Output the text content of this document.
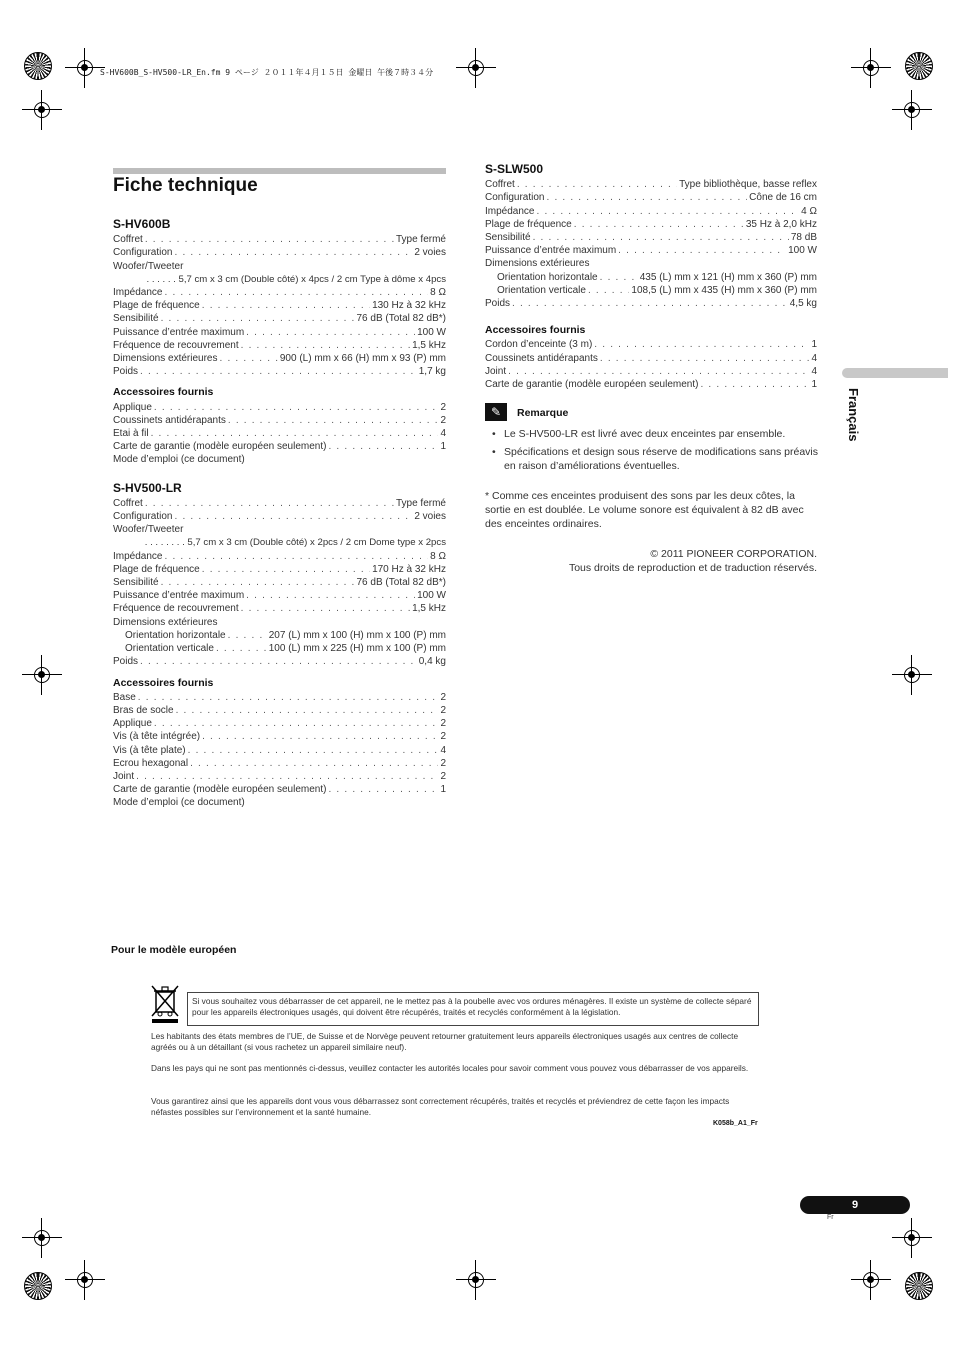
S-HV600B_S-HV500-LR_En.fm 9 ページ ２０１１年４月１５日 金曜日 午後７時３４分
Fiche technique
S-HV600B
Coffret . . .	Type fermé
Configuration . . .	2 voies
Woofer/Tweeter
. . . . . . 5,7 cm x 3 cm (Double côté) x 4pcs / 2 cm Type à dôme x 4pcs
Impédance . . .	8 Ω
Plage de fréquence . . .	130 Hz à 32 kHz
Sensibilité . . .	76 dB (Total 82 dB*)
Puissance d’entrée maximum . . .	100 W
Fréquence de recouvrement . . .	1,5 kHz
Dimensions extérieures . . .	900 (L) mm x 66 (H) mm x 93 (P) mm
Poids . . .	1,7 kg
Accessoires fournis
Applique . . .	2
Coussinets antidérapants . . .	2
Etai à fil . . .	4
Carte de garantie (modèle européen seulement) . . .	1
Mode d’emploi (ce document)
S-HV500-LR
Coffret . . .	Type fermé
Configuration . . .	2 voies
Woofer/Tweeter
. . . . . . . . 5,7 cm x 3 cm (Double côté) x 2pcs / 2 cm Dome type x 2pcs
Impédance . . .	8 Ω
Plage de fréquence . . .	170 Hz à 32 kHz
Sensibilité . . .	76 dB (Total 82 dB*)
Puissance d’entrée maximum . . .	100 W
Fréquence de recouvrement . . .	1,5 kHz
Dimensions extérieures
Orientation horizontale . . .	207 (L) mm x 100 (H) mm x 100 (P) mm
Orientation verticale . . .	100 (L) mm x 225 (H) mm x 100 (P) mm
Poids . . .	0,4 kg
Accessoires fournis
Base . . .	2
Bras de socle . . .	2
Applique . . .	2
Vis (à tête intégrée) . . .	2
Vis (à tête plate) . . .	4
Ecrou hexagonal . . .	2
Joint . . .	2
Carte de garantie (modèle européen seulement) . . .	1
Mode d’emploi (ce document)
S-SLW500
Coffret . . .	Type bibliothèque, basse reflex
Configuration . . .	Cône de 16 cm
Impédance . . .	4 Ω
Plage de fréquence . . .	35 Hz à 2,0 kHz
Sensibilité . . .	78 dB
Puissance d’entrée maximum . . .	100 W
Dimensions extérieures
Orientation horizontale . . .	435 (L) mm x 121 (H) mm x 360 (P) mm
Orientation verticale . . .	108,5 (L) mm x 435 (H) mm x 360 (P) mm
Poids . . .	4,5 kg
Accessoires fournis
Cordon d’enceinte (3 m) . . .	1
Coussinets antidérapants . . .	4
Joint . . .	4
Carte de garantie (modèle européen seulement) . . .	1
Français
✎	Remarque
• Le S-HV500-LR est livré avec deux enceintes par ensemble.
• Spécifications et design sous réserve de modifications sans préavis en raison d’améliorations éventuelles.
* Comme ces enceintes produisent des sons par les deux côtes, la sortie en est doublée. Le volume sonore est équivalent à 82 dB avec des enceintes ordinaires.
© 2011 PIONEER CORPORATION.
Tous droits de reproduction et de traduction réservés.
Pour le modèle européen
Si vous souhaitez vous débarrasser de cet appareil, ne le mettez pas à la poubelle avec vos ordures ménagères. Il existe un système de collecte séparé pour les appareils électroniques usagés, qui doivent être récupérés, traités et recyclés conformément à la législation.
Les habitants des états membres de l’UE, de Suisse et de Norvège peuvent retourner gratuitement leurs appareils électroniques usagés aux centres de collecte agréés ou à un détaillant (si vous rachetez un appareil similaire neuf).
Dans les pays qui ne sont pas mentionnés ci-dessus, veuillez contacter les autorités locales pour savoir comment vous pouvez vous débarrasser de vos appareils.
Vous garantirez ainsi que les appareils dont vous vous débarrassez sont correctement récupérés, traités et recyclés et préviendrez de cette façon les impacts néfastes possibles sur l’environnement et la santé humaine.
K058b_A1_Fr
9
Fr
